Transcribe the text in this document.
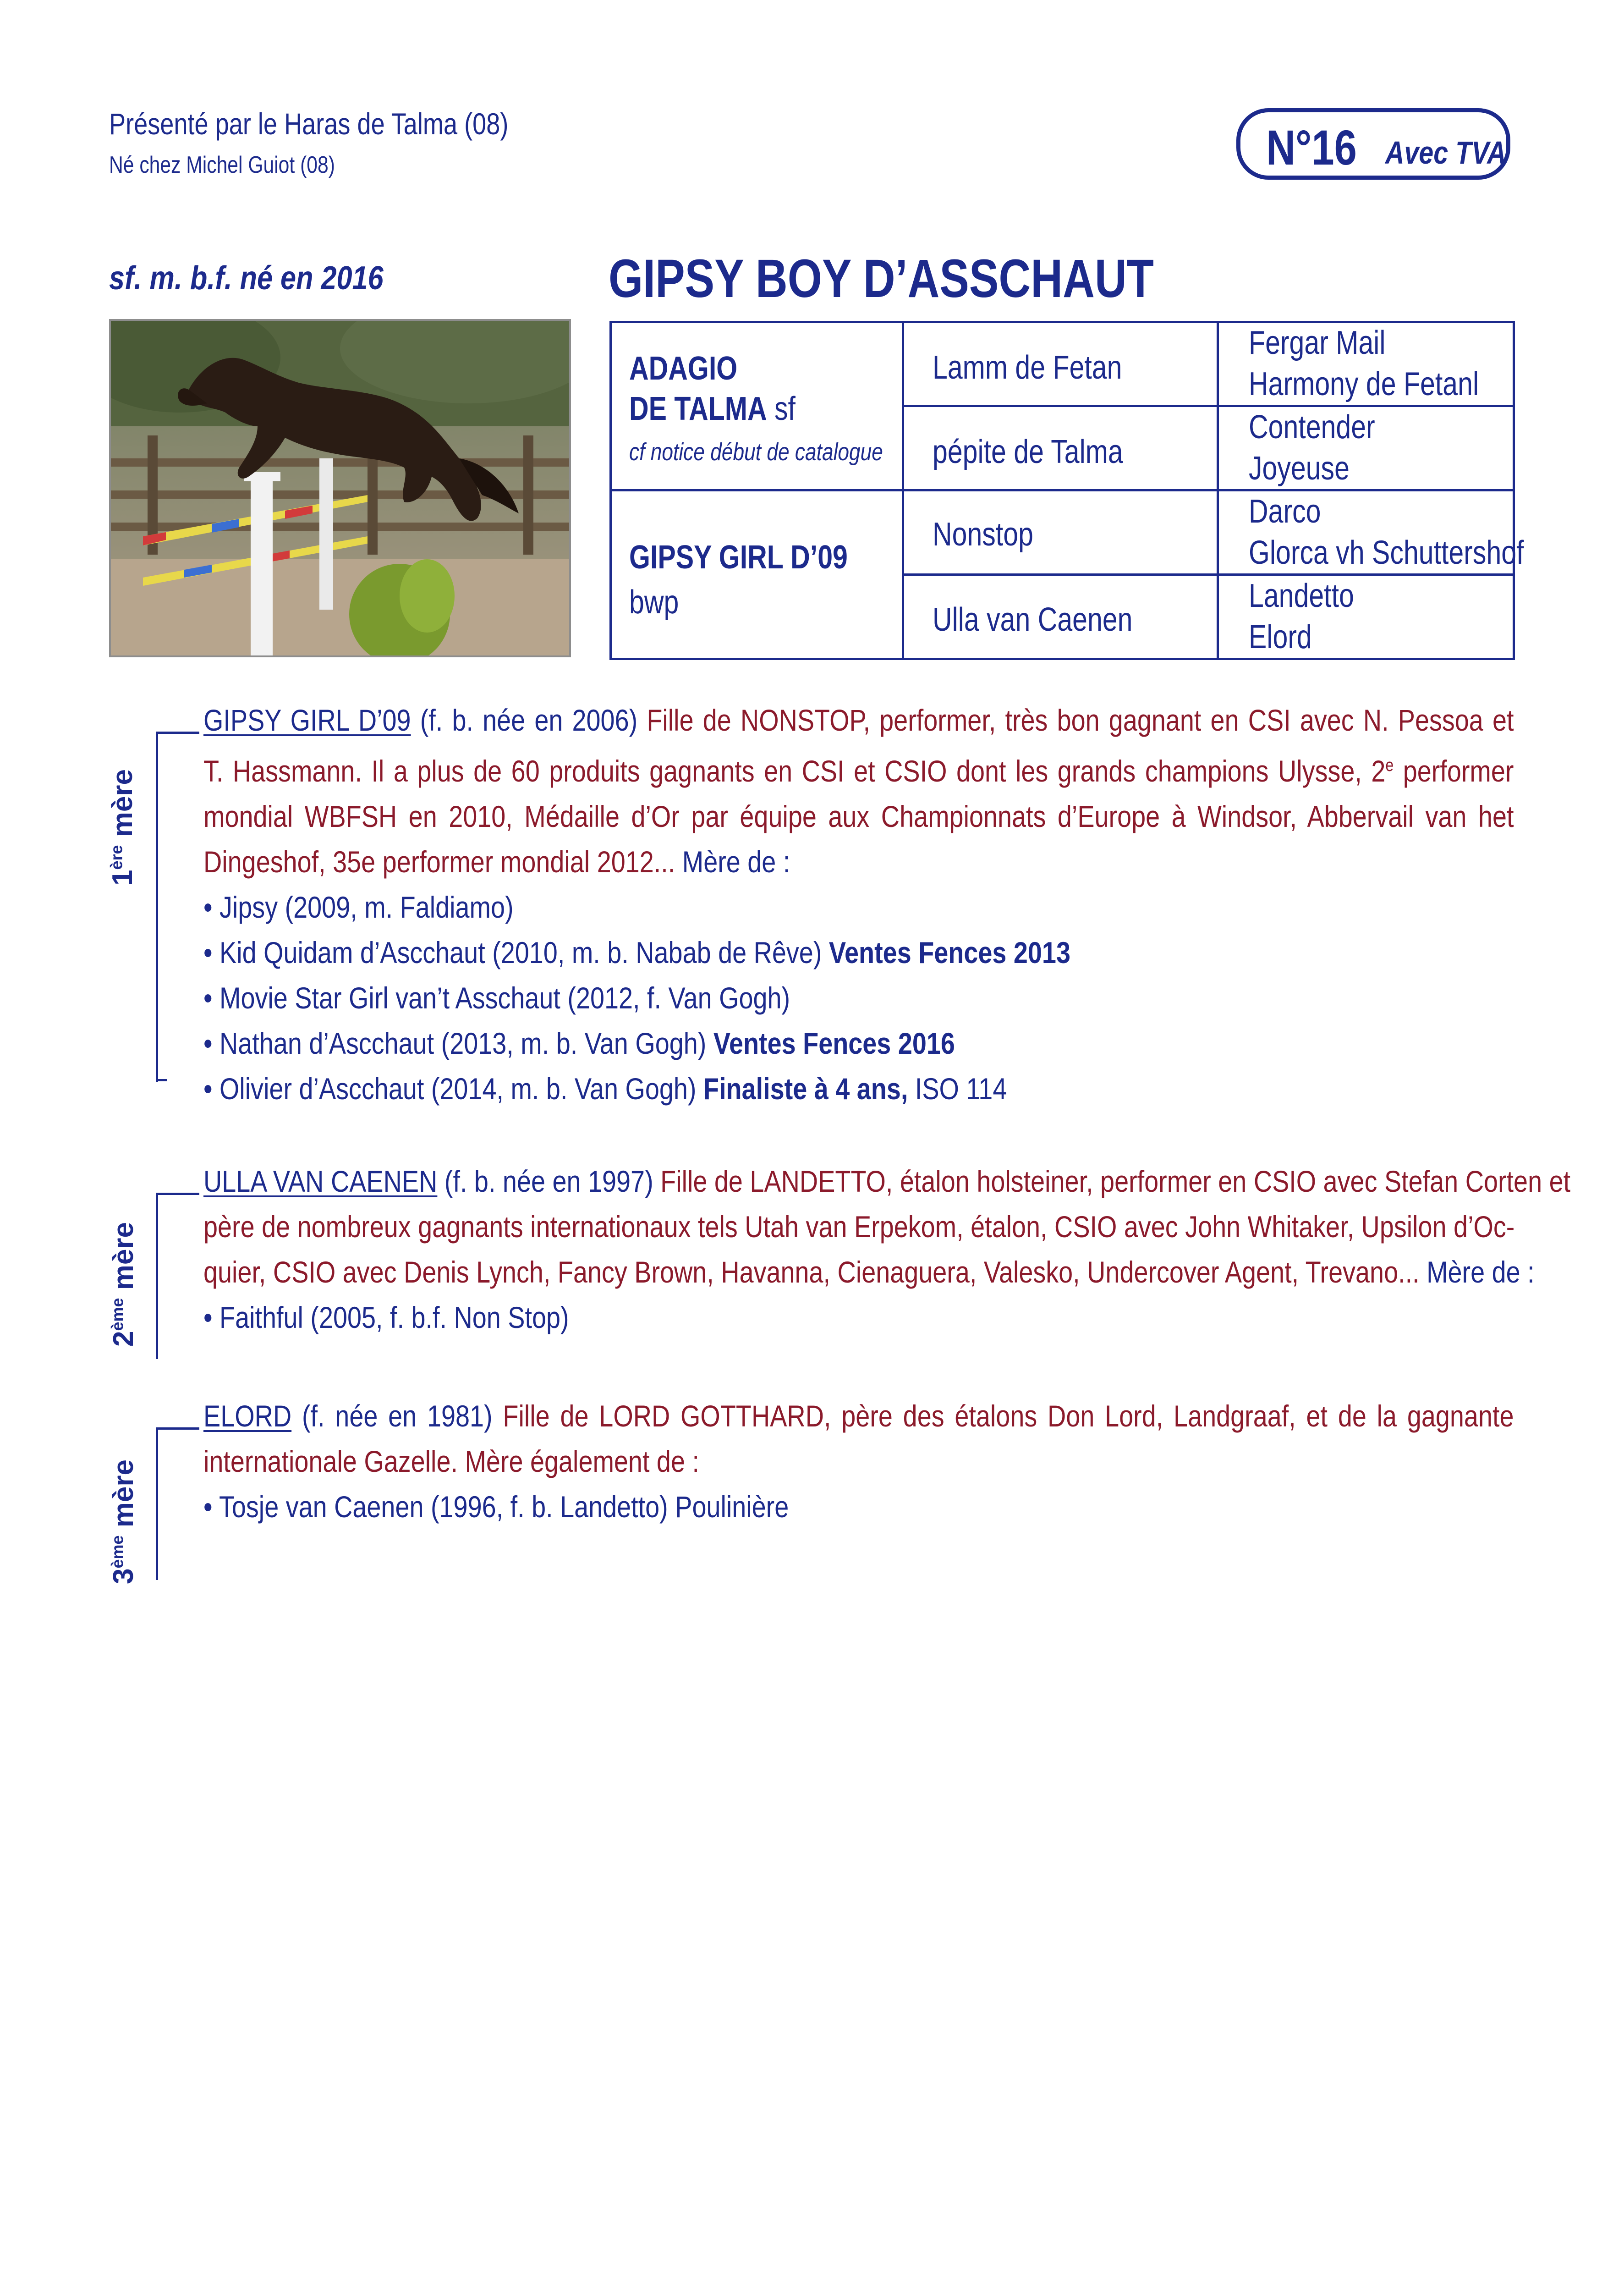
Présenté par le Haras de Talma (08)
Né chez Michel Guiot (08)	N°16 Avec TVA
sf. m. b.f. né en 2016	GIPSY BOY D’ASSCHAUT
ADAGIO
DE TALMA sf
cf notice début de catalogue
GIPSY GIRL D’09
bwp
Lamm de Fetan
pépite de Talma
Nonstop
Ulla van Caenen
Fergar Mail
Harmony de Fetanl
Contender
Joyeuse
Darco
Glorca vh Schuttershof
Landetto
Elord
1ère mère
GIPSY GIRL D’09 (f. b. née en 2006) Fille de NONSTOP, performer, très bon gagnant en CSI avec N. Pessoa et
T. Hassmann. Il a plus de 60 produits gagnants en CSI et CSIO dont les grands champions Ulysse, 2e performer
mondial WBFSH en 2010, Médaille d’Or par équipe aux Championnats d’Europe à Windsor, Abbervail van het
Dingeshof, 35e performer mondial 2012... Mère de :
• Jipsy (2009, m. Faldiamo)
• Kid Quidam d’Ascchaut (2010, m. b. Nabab de Rêve) Ventes Fences 2013
• Movie Star Girl van’t Asschaut (2012, f. Van Gogh)
• Nathan d’Ascchaut (2013, m. b. Van Gogh) Ventes Fences 2016
• Olivier d’Ascchaut (2014, m. b. Van Gogh) Finaliste à 4 ans, ISO 114
2ème mère
ULLA VAN CAENEN (f. b. née en 1997) Fille de LANDETTO, étalon holsteiner, performer en CSIO avec Stefan Corten et
père de nombreux gagnants internationaux tels Utah van Erpekom, étalon, CSIO avec John Whitaker, Upsilon d’Oc-
quier, CSIO avec Denis Lynch, Fancy Brown, Havanna, Cienaguera, Valesko, Undercover Agent, Trevano... Mère de :
• Faithful (2005, f. b.f. Non Stop)
3ème mère
ELORD (f. née en 1981) Fille de LORD GOTTHARD, père des étalons Don Lord, Landgraaf, et de la gagnante
internationale Gazelle. Mère également de :
• Tosje van Caenen (1996, f. b. Landetto) Poulinière
